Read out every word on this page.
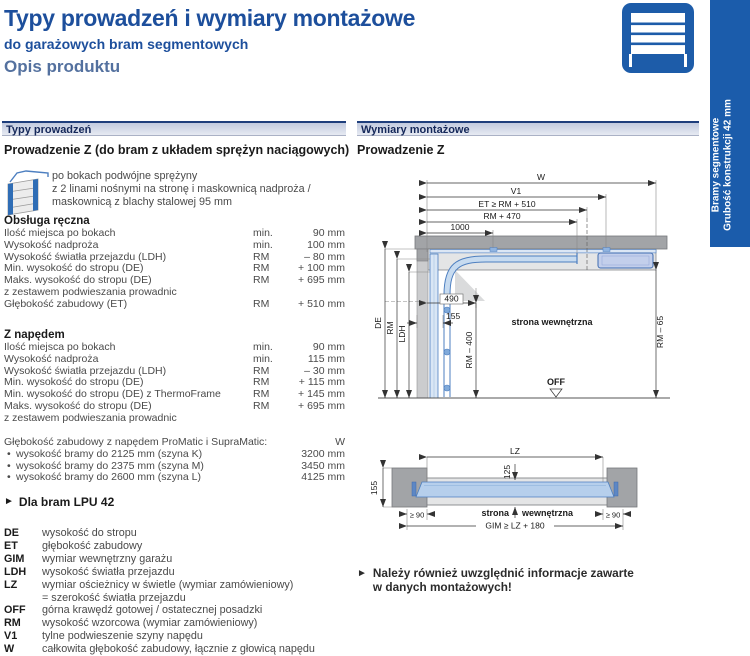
Typy prowadzeń i wymiary montażowe
do garażowych bram segmentowych
Opis produktu
Bramy segmentowe Grubość konstrukcji 42 mm
Typy prowadzeń	Wymiary montażowe
Prowadzenie Z (do bram z układem sprężyn naciągowych)
po bokach podwójne sprężyny
z 2 linami nośnymi na stronę i maskownicą nadproża /
maskownicą z blachy stalowej 95 mm
Obsługa ręczna
Ilość miejsca po bokach	min.	90 mm
Wysokość nadproża	min.	100 mm
Wysokość światła przejazdu (LDH)	RM	– 80 mm
Min. wysokość do stropu (DE)	RM	+ 100 mm
Maks. wysokość do stropu (DE)	RM	+ 695 mm
z zestawem podwieszania prowadnic
Głębokość zabudowy (ET)	RM	+ 510 mm
Z napędem
Ilość miejsca po bokach	min.	90 mm
Wysokość nadproża	min.	115 mm
Wysokość światła przejazdu (LDH)	RM	– 30 mm
Min. wysokość do stropu (DE)	RM	+ 115 mm
Min. wysokość do stropu (DE) z ThermoFrame	RM	+ 145 mm
Maks. wysokość do stropu (DE)	RM	+ 695 mm
z zestawem podwieszania prowadnic
Głębokość zabudowy z napędem ProMatic i SupraMatic:	W
• wysokość bramy do 2125 mm (szyna K)	3200 mm
• wysokość bramy do 2375 mm (szyna M)	3450 mm
• wysokość bramy do 2600 mm (szyna L)	4125 mm
► Dla bram LPU 42
DE	wysokość do stropu
ET	głębokość zabudowy
GIM	wymiar wewnętrzny garażu
LDH	wysokość światła przejazdu
LZ	wymiar ościeżnicy w świetle (wymiar zamówieniowy)
= szerokość światła przejazdu
OFF	górna krawędź gotowej / ostatecznej posadzki
RM	wysokość wzorcowa (wymiar zamówieniowy)
V1	tylne podwieszenie szyny napędu
W	całkowita głębokość zabudowy, łącznie z głowicą napędu
Prowadzenie Z
W
V1
ET ≥ RM + 510
RM + 470
1000
490
155
DE RM LDH	RM – 400	RM – 65
strona wewnętrzna
OFF
LZ
125
155
≥ 90	≥ 90
GIM ≥ LZ + 180
strona wewnętrzna
► Należy również uwzględnić informacje zawarte
w danych montażowych!
